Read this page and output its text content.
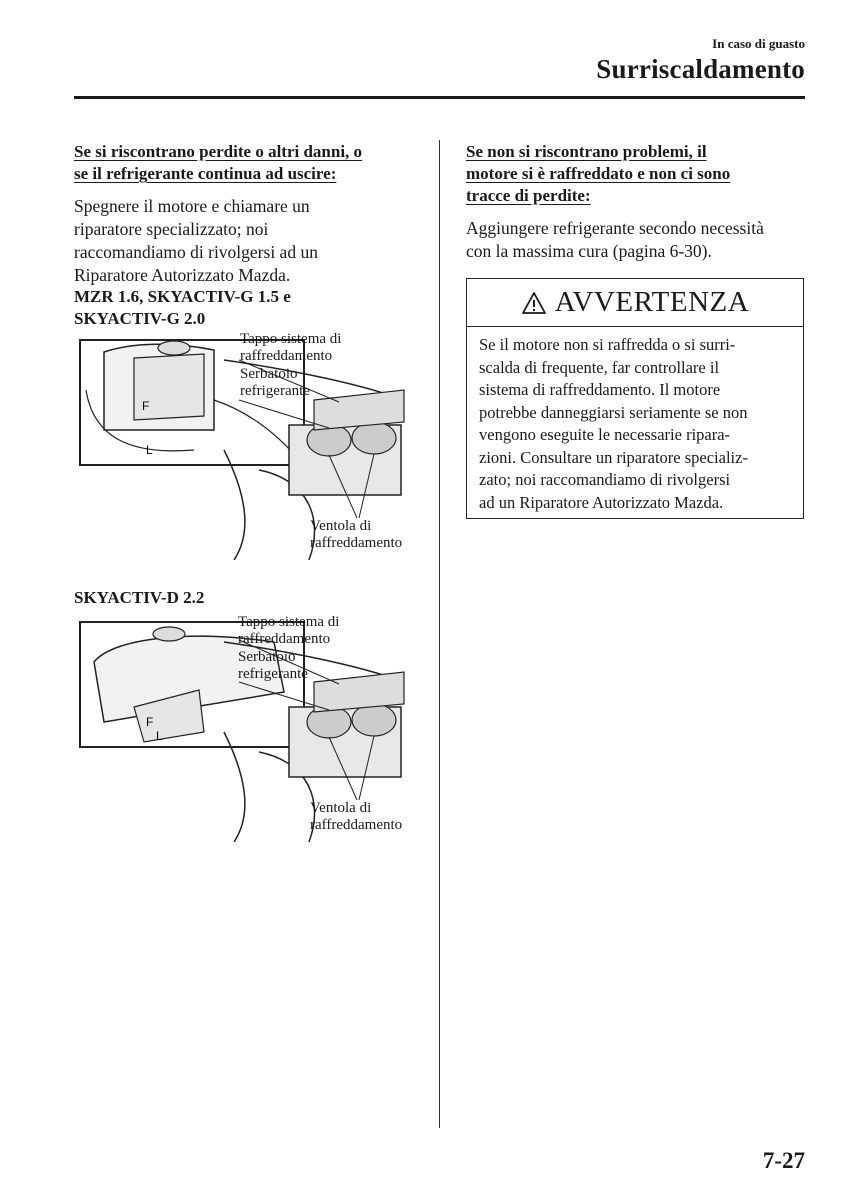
In caso di guasto
Surriscaldamento
Se si riscontrano perdite o altri danni, o
se il refrigerante continua ad uscire:
Spegnere il motore e chiamare un
riparatore specializzato; noi
raccomandiamo di rivolgersi ad un
Riparatore Autorizzato Mazda.
MZR 1.6, SKYACTIV-G 1.5 e
SKYACTIV-G 2.0
F
L
Tappo sistema di
raffreddamento
Serbatoio
refrigerante
Ventola di
raffreddamento
SKYACTIV-D 2.2
F
L
Tappo sistema di
raffreddamento
Serbatoio
refrigerante
Ventola di
raffreddamento
Se non si riscontrano problemi, il
motore si è raffreddato e non ci sono
tracce di perdite:
Aggiungere refrigerante secondo necessità
con la massima cura (pagina 6-30).
AVVERTENZA
Se il motore non si raffredda o si surri-
scalda di frequente, far controllare il
sistema di raffreddamento. Il motore
potrebbe danneggiarsi seriamente se non
vengono eseguite le necessarie ripara-
zioni. Consultare un riparatore specializ-
zato; noi raccomandiamo di rivolgersi
ad un Riparatore Autorizzato Mazda.
7-27
